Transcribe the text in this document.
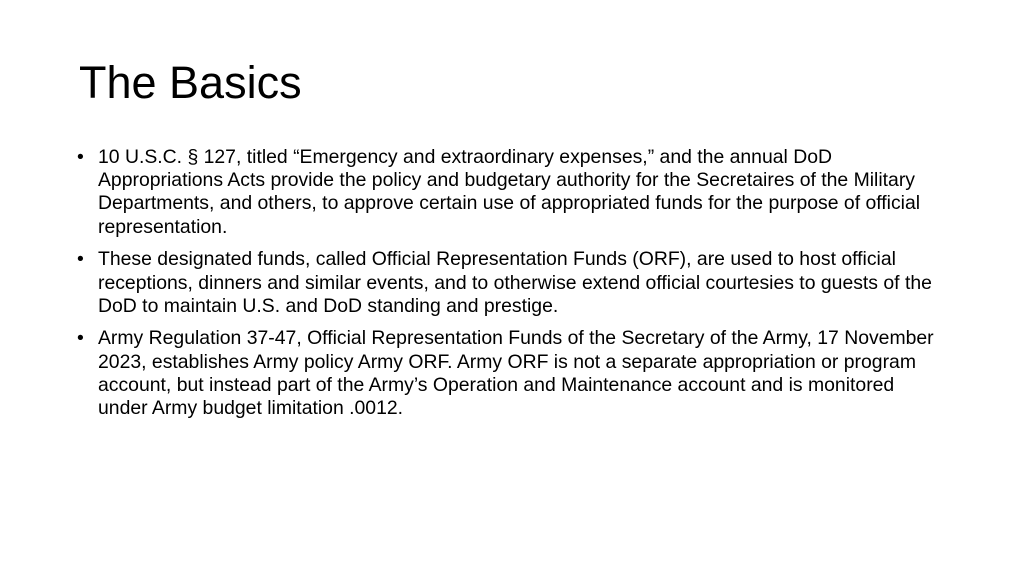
The Basics
• 10 U.S.C. § 127, titled “Emergency and extraordinary expenses,” and the annual DoD Appropriations Acts provide the policy and budgetary authority for the Secretaires of the Military Departments, and others, to approve certain use of appropriated funds for the purpose of official representation.
• These designated funds, called Official Representation Funds (ORF), are used to host official receptions, dinners and similar events, and to otherwise extend official courtesies to guests of the DoD to maintain U.S. and DoD standing and prestige.
• Army Regulation 37-47, Official Representation Funds of the Secretary of the Army, 17 November 2023, establishes Army policy Army ORF. Army ORF is not a separate appropriation or program account, but instead part of the Army’s Operation and Maintenance account and is monitored under Army budget limitation .0012.
